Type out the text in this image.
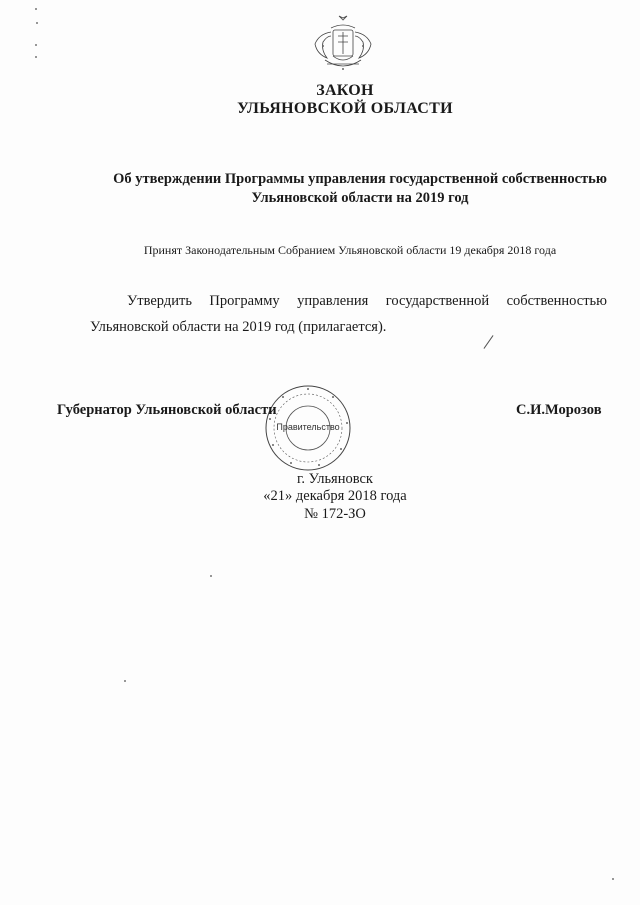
ЗАКОН
УЛЬЯНОВСКОЙ ОБЛАСТИ
Об утверждении Программы управления государственной собственностью
Ульяновской области на 2019 год
Принят Законодательным Собранием Ульяновской области 19 декабря 2018 года
Утвердить Программу управления государственной собственностью
Ульяновской области на 2019 год (прилагается).
Правительство
Губернатор Ульяновской области	С.И.Морозов
г. Ульяновск
«21» декабря 2018 года
№ 172-ЗО
